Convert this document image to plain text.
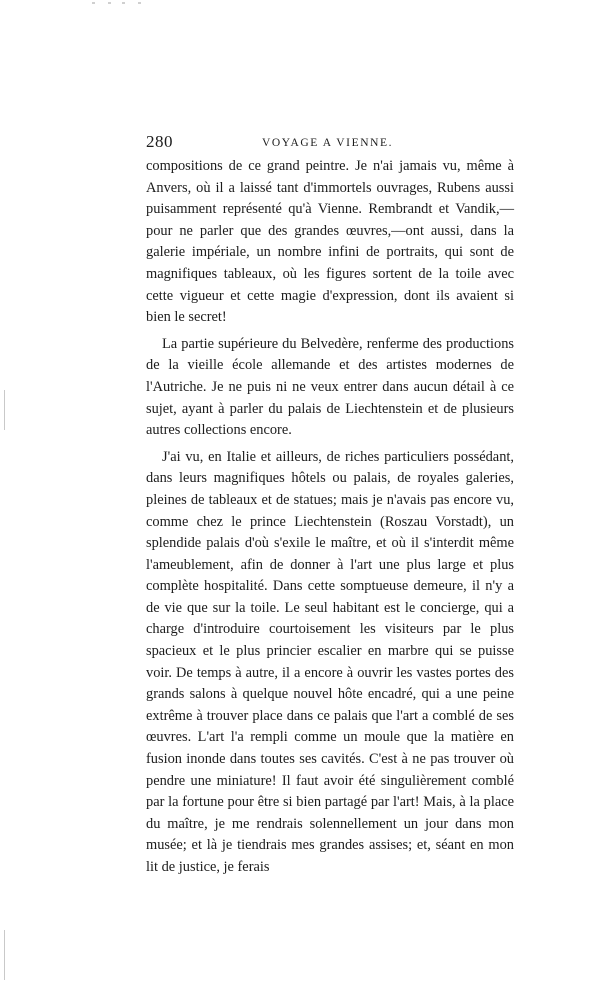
280	VOYAGE A VIENNE.

compositions de ce grand peintre. Je n'ai jamais vu, même à Anvers, où il a laissé tant d'immortels ouvrages, Rubens aussi puisamment représenté qu'à Vienne. Rembrandt et Vandik,—pour ne parler que des grandes œuvres,—ont aussi, dans la galerie impériale, un nombre infini de portraits, qui sont de magnifiques tableaux, où les figures sortent de la toile avec cette vigueur et cette magie d'expression, dont ils avaient si bien le secret!

La partie supérieure du Belvedère, renferme des productions de la vieille école allemande et des artistes modernes de l'Autriche. Je ne puis ni ne veux entrer dans aucun détail à ce sujet, ayant à parler du palais de Liechtenstein et de plusieurs autres collections encore.

J'ai vu, en Italie et ailleurs, de riches particuliers possédant, dans leurs magnifiques hôtels ou palais, de royales galeries, pleines de tableaux et de statues; mais je n'avais pas encore vu, comme chez le prince Liechtenstein (Roszau Vorstadt), un splendide palais d'où s'exile le maître, et où il s'interdit même l'ameublement, afin de donner à l'art une plus large et plus complète hospitalité. Dans cette somptueuse demeure, il n'y a de vie que sur la toile. Le seul habitant est le concierge, qui a charge d'introduire courtoisement les visiteurs par le plus spacieux et le plus princier escalier en marbre qui se puisse voir. De temps à autre, il a encore à ouvrir les vastes portes des grands salons à quelque nouvel hôte encadré, qui a une peine extrême à trouver place dans ce palais que l'art a comblé de ses œuvres. L'art l'a rempli comme un moule que la matière en fusion inonde dans toutes ses cavités. C'est à ne pas trouver où pendre une miniature! Il faut avoir été singulièrement comblé par la fortune pour être si bien partagé par l'art! Mais, à la place du maître, je me rendrais solennellement un jour dans mon musée; et là je tiendrais mes grandes assises; et, séant en mon lit de justice, je ferais
